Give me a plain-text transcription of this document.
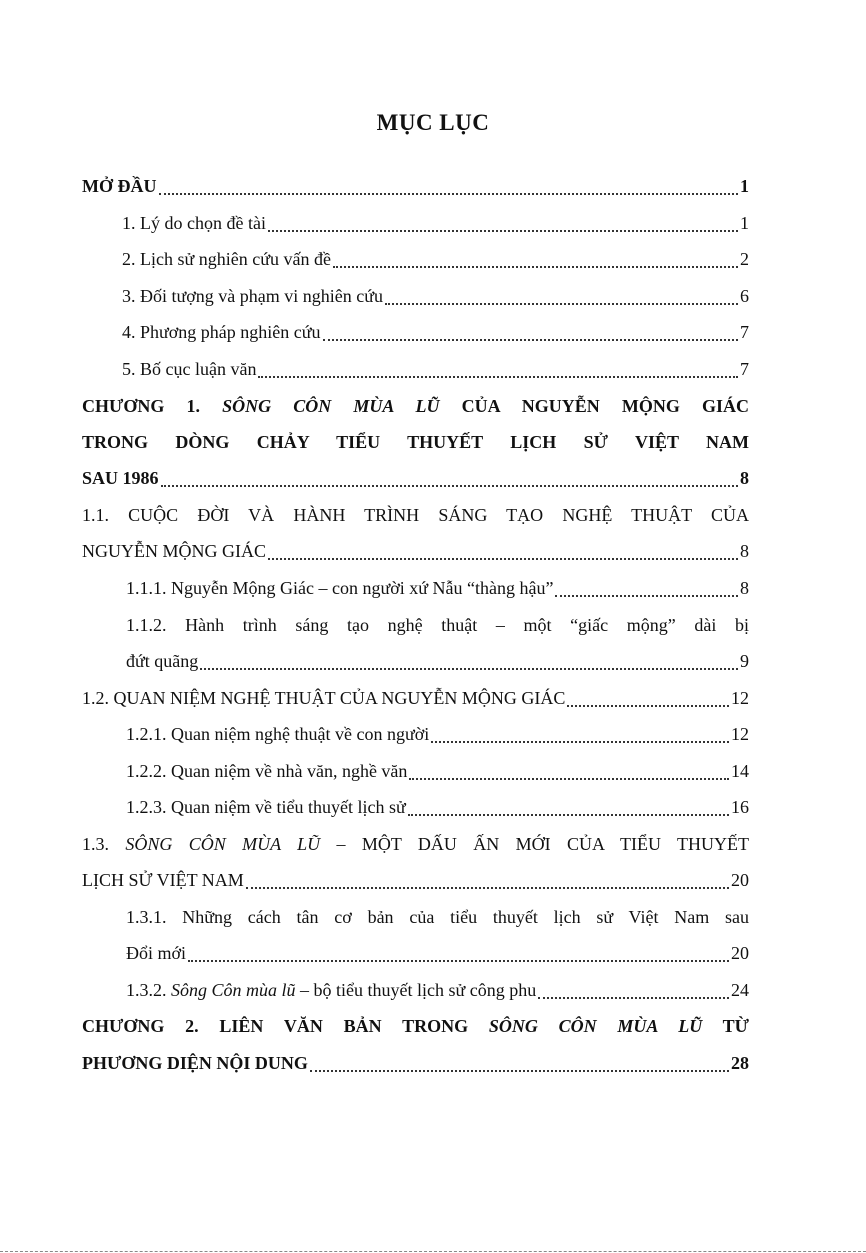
MỤC LỤC
MỞ ĐẦU	1
1. Lý do chọn đề tài	1
2. Lịch sử nghiên cứu vấn đề	2
3. Đối tượng và phạm vi nghiên cứu	6
4. Phương pháp nghiên cứu	7
5. Bố cục luận văn	7
CHƯƠNG 1. SÔNG CÔN MÙA LŨ CỦA NGUYỄN MỘNG GIÁC
TRONG DÒNG CHẢY TIỂU THUYẾT LỊCH SỬ VIỆT NAM
SAU 1986	8
1.1. CUỘC ĐỜI VÀ HÀNH TRÌNH SÁNG TẠO NGHỆ THUẬT CỦA
NGUYỄN MỘNG GIÁC	8
1.1.1. Nguyễn Mộng Giác – con người xứ Nẫu “thàng hậu”	8
1.1.2. Hành trình sáng tạo nghệ thuật – một “giấc mộng” dài bị
đứt quãng	9
1.2. QUAN NIỆM NGHỆ THUẬT CỦA NGUYỄN MỘNG GIÁC	12
1.2.1. Quan niệm nghệ thuật về con người	12
1.2.2. Quan niệm về nhà văn, nghề văn	14
1.2.3. Quan niệm về tiểu thuyết lịch sử	16
1.3. SÔNG CÔN MÙA LŨ – MỘT DẤU ẤN MỚI CỦA TIỂU THUYẾT
LỊCH SỬ VIỆT NAM	20
1.3.1. Những cách tân cơ bản của tiểu thuyết lịch sử Việt Nam sau
Đổi mới	20
1.3.2. Sông Côn mùa lũ – bộ tiểu thuyết lịch sử công phu	24
CHƯƠNG 2. LIÊN VĂN BẢN TRONG SÔNG CÔN MÙA LŨ TỪ
PHƯƠNG DIỆN NỘI DUNG	28
